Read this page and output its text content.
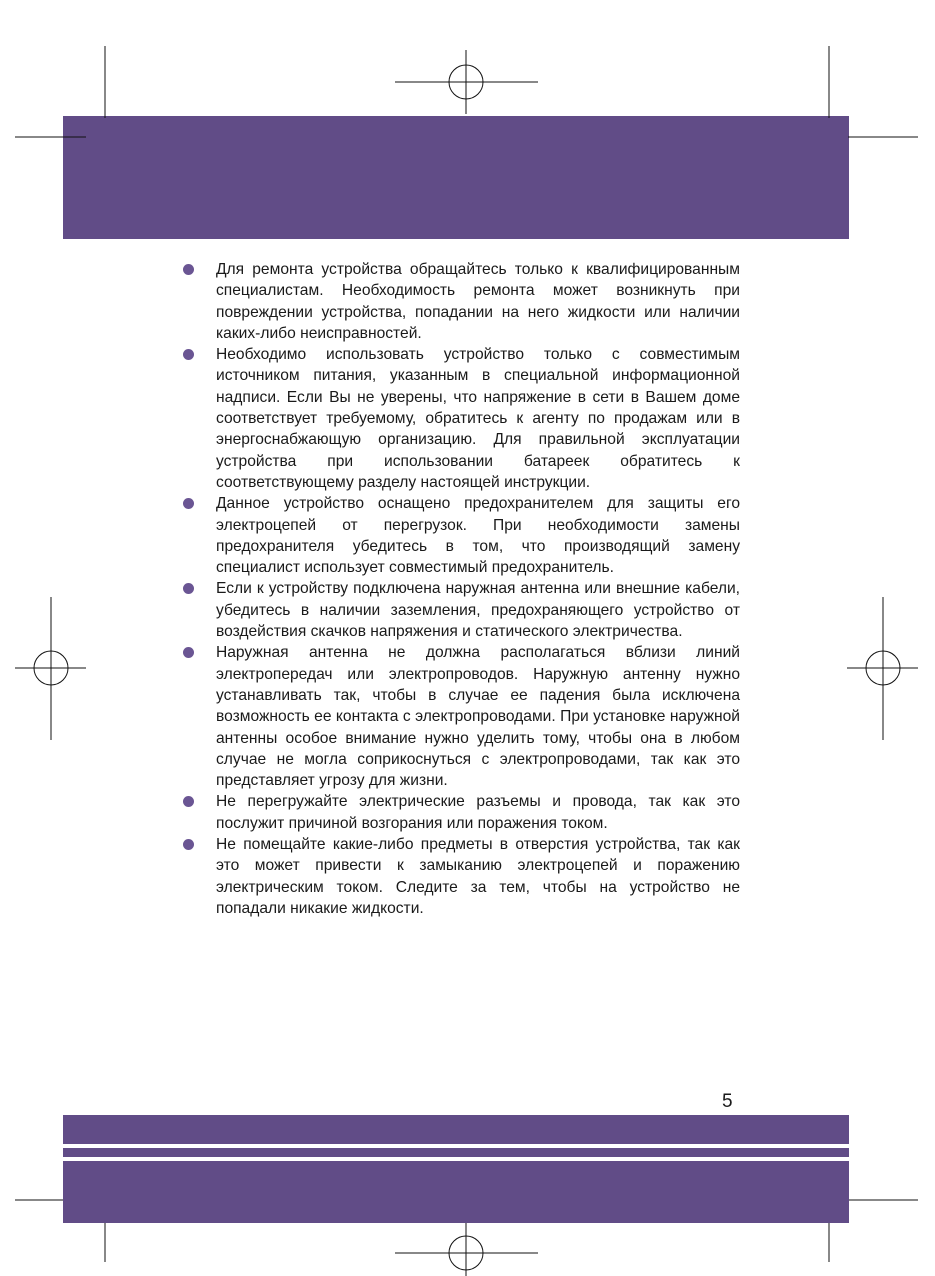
Для ремонта устройства обращайтесь только к квалифицированным специалистам. Необходимость ремонта может возникнуть при повреждении устройства, попадании на него жидкости или наличии каких-либо неисправностей.
Необходимо использовать устройство только с совместимым источником питания, указанным в специальной информационной надписи. Если Вы не уверены, что напряжение в сети в Вашем доме соответствует требуемому, обратитесь к агенту по продажам или в энергоснабжающую организацию. Для правильной эксплуатации устройства при использовании батареек обратитесь к соответствующему разделу настоящей инструкции.
Данное устройство оснащено предохранителем для защиты его электроцепей от перегрузок. При необходимости замены предохранителя убедитесь в том, что производящий замену специалист использует совместимый предохранитель.
Если к устройству подключена наружная антенна или внешние кабели, убедитесь в наличии заземления, предохраняющего устройство от воздействия скачков напряжения и статического электричества.
Наружная антенна не должна располагаться вблизи линий электропередач или электропроводов. Наружную антенну нужно устанавливать так, чтобы в случае ее падения была исключена возможность ее контакта с электропроводами. При установке наружной антенны особое внимание нужно уделить тому, чтобы она в любом случае не могла соприкоснуться с электропроводами, так как это представляет угрозу для жизни.
Не перегружайте электрические разъемы и провода, так как это послужит причиной возгорания или поражения током.
Не помещайте какие-либо предметы в отверстия устройства, так как это может привести к замыканию электроцепей и поражению электрическим током. Следите за тем, чтобы на устройство не попадали никакие жидкости.
5
